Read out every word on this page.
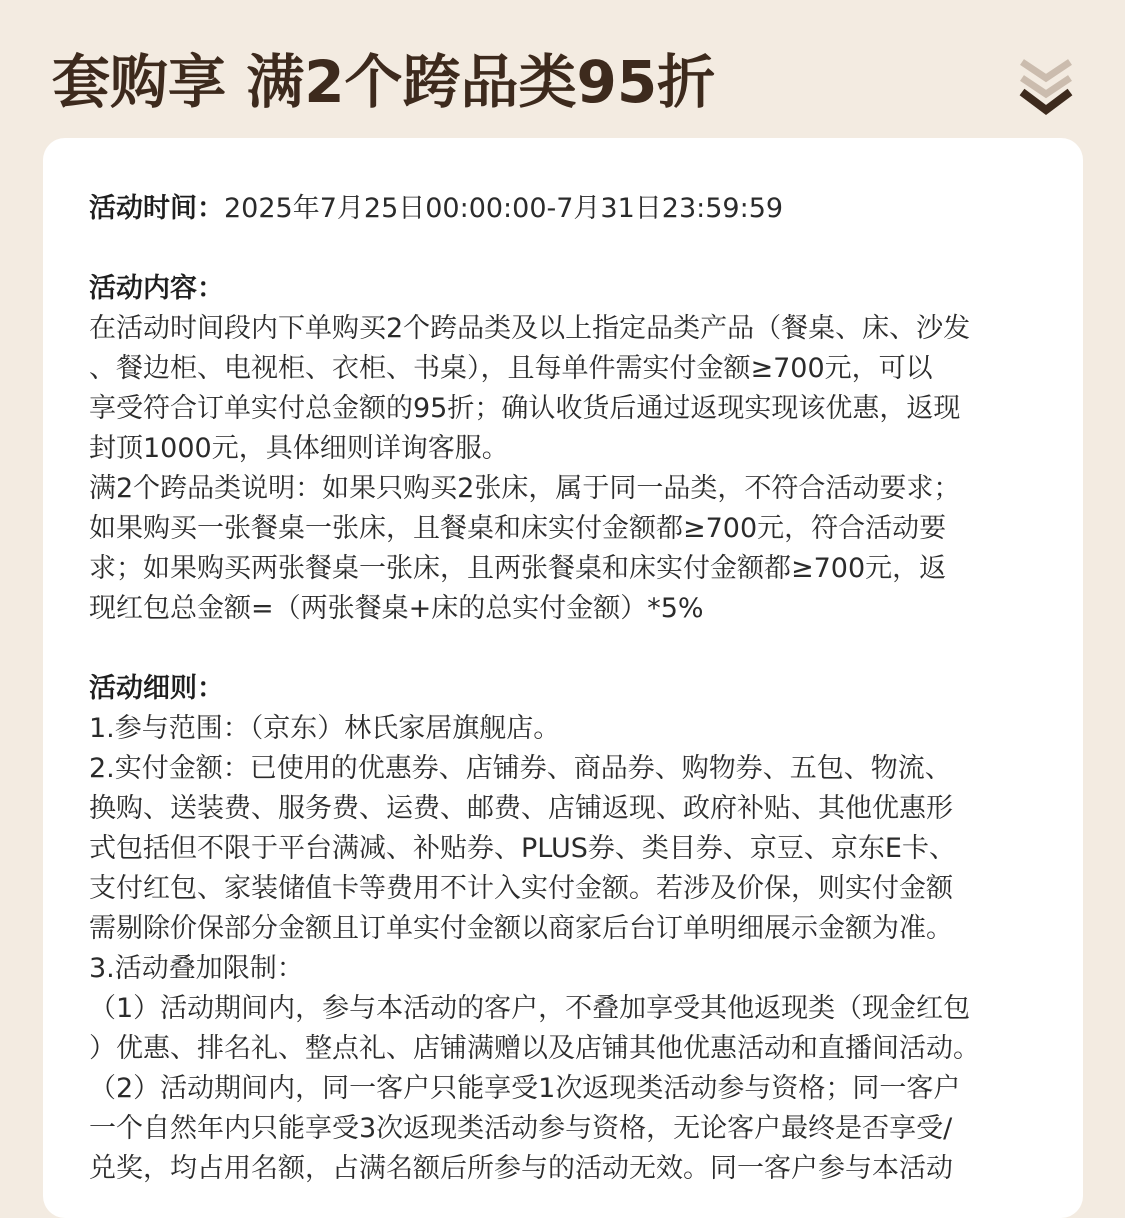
套购享 满2个跨品类95折
活动时间：2025年7月25日00:00:00-7月31日23:59:59
活动内容：
在活动时间段内下单购买2个跨品类及以上指定品类产品（餐桌、床、沙发
、餐边柜、电视柜、衣柜、书桌），且每单件需实付金额≥700元，可以
享受符合订单实付总金额的95折；确认收货后通过返现实现该优惠，返现
封顶1000元，具体细则详询客服。
满2个跨品类说明：如果只购买2张床，属于同一品类，不符合活动要求；
如果购买一张餐桌一张床，且餐桌和床实付金额都≥700元，符合活动要
求；如果购买两张餐桌一张床，且两张餐桌和床实付金额都≥700元，返
现红包总金额=（两张餐桌+床的总实付金额）*5%
活动细则：
1.参与范围：（京东）林氏家居旗舰店。
2.实付金额：已使用的优惠券、店铺券、商品券、购物券、五包、物流、
换购、送装费、服务费、运费、邮费、店铺返现、政府补贴、其他优惠形
式包括但不限于平台满减、补贴券、PLUS券、类目券、京豆、京东E卡、
支付红包、家装储值卡等费用不计入实付金额。若涉及价保，则实付金额
需剔除价保部分金额且订单实付金额以商家后台订单明细展示金额为准。
3.活动叠加限制：
（1）活动期间内，参与本活动的客户，不叠加享受其他返现类（现金红包
）优惠、排名礼、整点礼、店铺满赠以及店铺其他优惠活动和直播间活动。
（2）活动期间内，同一客户只能享受1次返现类活动参与资格；同一客户
一个自然年内只能享受3次返现类活动参与资格，无论客户最终是否享受/
兑奖，均占用名额，占满名额后所参与的活动无效。同一客户参与本活动
